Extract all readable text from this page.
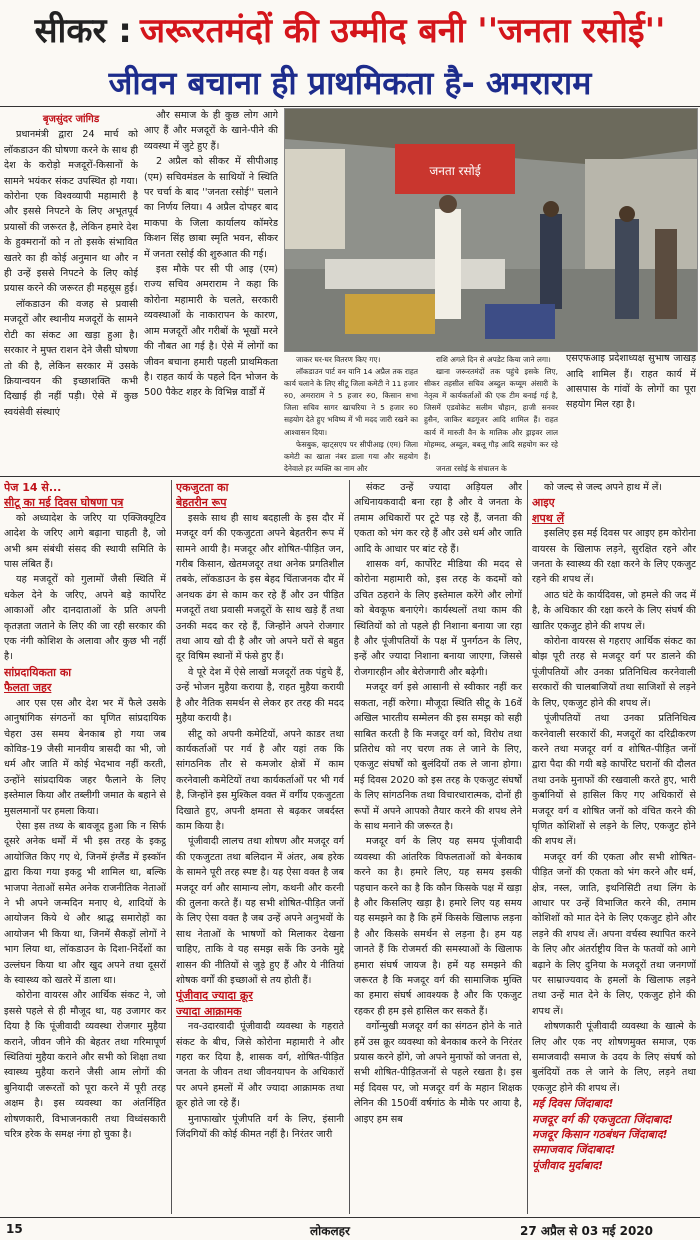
सीकर : जरूरतमंदों की उम्मीद बनी ''जनता रसोई''
जीवन बचाना ही प्राथमिकता है- अमराराम

बृजसुंदर जांगिड

प्रधानमंत्री द्वारा 24 मार्च को लॉकडाउन की घोषणा करने के साथ ही देश के करोड़ो मजदूरों-किसानों के सामने भयंकर संकट उपस्थित हो गया। कोरोना एक विश्वव्यापी महामारी है और इससे निपटने के लिए अभूतपूर्व प्रयासों की जरूरत है, लेकिन हमारे देश के हुक्मरानों को न तो इसके संभावित खतरे का ही कोई अनुमान था और न ही उन्हें इससे निपटने के लिए कोई प्रयास करने की जरूरत ही महसूस हुई।

लॉकडाउन की वजह से प्रवासी मजदूरों और स्थानीय मजदूरों के सामने रोटी का संकट आ खड़ा हुआ है। सरकार ने मुफ्त राशन देने जैसी घोषणा तो की है, लेकिन सरकार में उसके क्रियान्वयन की इच्छाशक्ति कभी दिखाई ही नहीं पड़ी। ऐसे में कुछ स्वयंसेवी संस्थाएं

और समाज के ही कुछ लोग आगे आए हैं और मजदूरों के खाने-पीने की व्यवस्था में जुटे हुए हैं।

2 अप्रैल को सीकर में सीपीआइ (एम) सचिवमंडल के साथियों ने स्थिति पर चर्चा के बाद ''जनता रसोई'' चलाने का निर्णय लिया। 4 अप्रैल दोपहर बाद माकपा के जिला कार्यालय कॉमरेड किशन सिंह छाबा स्मृति भवन, सीकर में जनता रसोई की शुरुआत की गई।

इस मौके पर सी पी आइ (एम) राज्य सचिव अमराराम ने कहा कि कोरोना महामारी के चलते, सरकारी व्यवस्थाओं के नाकारापन के कारण, आम मजदूरों और गरीबों के भूखों मरने की नौबत आ गई है। ऐसे में लोगों का जीवन बचाना हमारी पहली प्राथमिकता है। राहत कार्य के पहले दिन भोजन के 500 पैकेट शहर के विभिन्न वार्डों में

जाकर घर-घर वितरण किए गए।

लॉकडाउन पार्ट वन यानि 14 अप्रैल तक राहत कार्य चलाने के लिए सीटू जिला कमेटी ने 11 हजार रु0, अमराराम ने 5 हजार रु0, किसान सभा जिला सचिव सागर खाचरिया ने 5 हजार रु0 सहयोग देते हुए भविष्य में भी मदद जारी रखने का आश्वासन दिया।

फेसबुक, व्हाट्सएप पर सीपीआइ (एम) जिला कमेटी का खाता नंबर डाला गया और सहयोग देनेवाले हर व्यक्ति का नाम और

राशि अगले दिन से अपडेट किया जाने लगा।

खाना जरूरतमंदों तक पहुंचे इसके लिए, सीकर तहसील सचिव अब्दुल कय्यूम अंसारी के नेतृत्व में कार्यकर्ताओं की एक टीम बनाई गई है, जिसमें एडवोकेट सलीम चौहान, हाजी सनवर हुसैन, जाकिर बडगूजर आदि शामिल हैं। राहत कार्य में मारुती वैन के मालिक और ड्राइवर लाल मोहम्मद, अब्दुल, बबलू गौड़ आदि सहयोग कर रहे हैं।

जनता रसोई के संचालन के

एसएफआइ प्रदेशाध्यक्ष सुभाष जाखड़ आदि शामिल हैं। राहत कार्य में आसपास के गांवों के लोगों का पूरा सहयोग मिल रहा है।

जनता रसोई

पेज 14 से...

सीटू का मई दिवस घोषणा पत्र

को अध्यादेश के जरिए या एक्जिक्यूटिव आदेश के जरिए आगे बढ़ाना चाहती है, जो अभी श्रम संबंधी संसद की स्थायी समिति के पास लंबित हैं।

यह मजदूरों को गुलामों जैसी स्थिति में धकेल देने के जरिए, अपने बड़े कार्पोरेट आकाओं और दानदाताओं के प्रति अपनी कृतज्ञता जताने के लिए की जा रही सरकार की एक नंगी कोशिश के अलावा और कुछ भी नहीं है।

सांप्रदायिकता का

फैलता जहर

आर एस एस और देश भर में फैले उसके आनुषांगिक संगठनों का घृणित सांप्रदायिक चेहरा उस समय बेनकाब हो गया जब कोविड-19 जैसी मानवीय त्रासदी का भी, जो धर्म और जाति में कोई भेदभाव नहीं करती, उन्होंने सांप्रदायिक जहर फैलाने के लिए इस्तेमाल किया और तब्लीगी जमात के बहाने से मुसलमानों पर हमला किया।

ऐसा इस तथ्य के बावजूद हुआ कि न सिर्फ दूसरे अनेक धर्मों में भी इस तरह के इकट्ठ आयोजित किए गए थे, जिनमें इंग्लैंड में इस्कॉन द्वारा किया गया इकट्ठ भी शामिल था, बल्कि भाजपा नेताओं समेत अनेक राजनीतिक नेताओं ने भी अपने जन्मदिन मनाए थे, शादियों के आयोजन किये थे और श्राद्ध समारोहों का आयोजन भी किया था, जिनमें सैकड़ों लोगों ने भाग लिया था, लॉकडाउन के दिशा-निर्देशों का उल्लंघन किया था और खुद अपने तथा दूसरों के स्वास्थ्य को खतरे में डाला था।

कोरोना वायरस और आर्थिक संकट ने, जो इससे पहले से ही मौजूद था, यह उजागर कर दिया है कि पूंजीवादी व्यवस्था रोजगार मुहैया कराने, जीवन जीने की बेहतर तथा गरिमापूर्ण स्थितियां मुहैया कराने और सभी को शिक्षा तथा स्वास्थ्य मुहैया कराने जैसी आम लोगों की बुनियादी जरूरतों को पूरा करने में पूरी तरह अक्षम है। इस व्यवस्था का अंतर्निहित शोषणकारी, विभाजनकारी तथा विध्वंसकारी चरित्र हरेक के समक्ष नंगा हो चुका है।

एकजुटता का

बेहतरीन रूप

इसके साथ ही साथ बदहाली के इस दौर में मजदूर वर्ग की एकजुटता अपने बेहतरीन रूप में सामने आयी है। मजदूर और शोषित-पीड़ित जन, गरीब किसान, खेतमजदूर तथा अनेक प्रगतिशील तबके, लॉकडाउन के इस बेहद चिंताजनक दौर में अनथक ढंग से काम कर रहे हैं और उन पीड़ित मजदूरों तथा प्रवासी मजदूरों के साथ खड़े हैं तथा उनकी मदद कर रहे हैं, जिन्होंने अपने रोजगार तथा आय खो दी है और जो अपने घरों से बहुत दूर विषिम स्थानों में फंसे हुए हैं।

वे पूरे देश में ऐसे लाखों मजदूरों तक पंहुचे हैं, उन्हें भोजन मुहैया कराया है, राहत मुहैया करायी है और नैतिक समर्थन से लेकर हर तरह की मदद मुहैया करायी है।

सीटू को अपनी कमेटियों, अपने काडर तथा कार्यकर्ताओं पर गर्व है और यहां तक कि सांगठनिक तौर से कमजोर क्षेत्रों में काम करनेवाली कमेटियों तथा कार्यकर्ताओं पर भी गर्व है, जिन्होंने इस मुश्किल वक्त में वर्गीय एकजुटता दिखाते हुए, अपनी क्षमता से बढ़कर जबर्दस्त काम किया है।

पूंजीवादी लालच तथा शोषण और मजदूर वर्ग की एकजुटता तथा बलिदान में अंतर, अब हरेक के सामने पूरी तरह स्पष्ट है। यह ऐसा वक्त है जब मजदूर वर्ग और सामान्य लोग, कथनी और करनी की तुलना करते हैं। यह सभी शोषित-पीड़ित जनों के लिए ऐसा वक्त है जब उन्हें अपने अनुभवों के साथ नेताओं के भाषणों को मिलाकर देखना चाहिए, ताकि वे यह समझ सकें कि उनके मुद्दे शासन की नीतियों से जुड़े हुए हैं और ये नीतियां शोषक वर्गों की इच्छाओं से तय होती हैं।

पूंजीवाद ज्यादा क्रूर

ज्यादा आक्रामक

नव-उदारवादी पूंजीवादी व्यवस्था के गहराते संकट के बीच, जिसे कोरोना महामारी ने और गहरा कर दिया है, शासक वर्ग, शोषित-पीड़ित जनता के जीवन तथा जीवनयापन के अधिकारों पर अपने हमलों में और ज्यादा आक्रामक तथा क्रूर होते जा रहे हैं।

मुनाफाखोर पूंजीपति वर्ग के लिए, इंसानी जिंदगियों की कोई कीमत नहीं है। निरंतर जारी

संकट उन्हें ज्यादा अड़ियल और अधिनायकवादी बना रहा है और वे जनता के तमाम अधिकारों पर टूटे पड़ रहे हैं, जनता की एकता को भंग कर रहे हैं और उसे धर्म और जाति आदि के आधार पर बांट रहे हैं।

शासक वर्ग, कार्पोरेट मीडिया की मदद से कोरोना महामारी को, इस तरह के कदमों को उचित ठहराने के लिए इस्तेमाल करेंगे और लोगों को बेवकूफ बनाएंगे। कार्यस्थलों तथा काम की स्थितियों को तो पहले ही निशाना बनाया जा रहा है और पूंजीपतियों के पक्ष में पुनर्गठन के लिए, इन्हें और ज्यादा निशाना बनाया जाएगा, जिससे रोजगारहीन और बेरोजगारी और बढ़ेगी।

मजदूर वर्ग इसे आसानी से स्वीकार नहीं कर सकता, नहीं करेगा। मौजूदा स्थिति सीटू के 16वें अखिल भारतीय सम्मेलन की इस समझ को सही साबित करती है कि मजदूर वर्ग को, विरोध तथा प्रतिरोध को नए चरण तक ले जाने के लिए, एकजुट संघर्षों को बुलंदियों तक ले जाना होगा। मई दिवस 2020 को इस तरह के एकजुट संघर्षों के लिए सांगठनिक तथा विचारधारात्मक, दोनों ही रूपों में अपने आपको तैयार करने की शपथ लेने के साथ मनाने की जरूरत है।

मजदूर वर्ग के लिए यह समय पूंजीवादी व्यवस्था की आंतरिक विफलताओं को बेनकाब करने का है। हमारे लिए, यह समय इसकी पहचान करने का है कि कौन किसके पक्ष में खड़ा है और किसलिए खड़ा है। हमारे लिए यह समय यह समझने का है कि हमें किसके खिलाफ लड़ना है और किसके समर्थन से लड़ना है। हम यह जानते हैं कि रोजमर्रा की समस्याओं के खिलाफ हमारा संघर्ष जायज है। हमें यह समझने की जरूरत है कि मजदूर वर्ग की सामाजिक मुक्ति का हमारा संघर्ष आवश्यक है और कि एकजुट रहकर ही हम इसे हासिल कर सकते हैं।

वर्गोन्मुखी मजदूर वर्ग का संगठन होने के नाते हमें उस क्रूर व्यवस्था को बेनकाब करने के निरंतर प्रयास करने होंगे, जो अपने मुनाफों को जनता से, सभी शोषित-पीड़ितजनों से पहले रखता है। इस मई दिवस पर, जो मजदूर वर्ग के महान शिक्षक लेनिन की 150वीं वर्षगांठ के मौके पर आया है, आइए हम सब

को जल्द से जल्द अपने हाथ में लें।

आइए

शपथ लें

इसलिए इस मई दिवस पर आइए हम कोरोना वायरस के खिलाफ लड़ने, सुरक्षित रहने और जनता के स्वास्थ्य की रक्षा करने के लिए एकजुट रहने की शपथ लें।

आठ घंटे के कार्यदिवस, जो हमले की जद में है, के अधिकार की रक्षा करने के लिए संघर्ष की खातिर एकजुट होने की शपथ लें।

कोरोना वायरस से गहराए आर्थिक संकट का बोझ पूरी तरह से मजदूर वर्ग पर डालने की पूंजीपतियों और उनका प्रतिनिधित्व करनेवाली सरकारों की चालबाजियों तथा साजिशों से लड़ने के लिए, एकजुट होने की शपथ लें।

पूंजीपतियों तथा उनका प्रतिनिधित्व करनेवाली सरकारों की, मजदूरों का दरिद्रीकरण करने तथा मजदूर वर्ग व शोषित-पीड़ित जनों द्वारा पैदा की गयी बड़े कार्पोरेट घरानों की दौलत तथा उनके मुनाफों की रखवाली करते हुए, भारी कुर्बानियों से हासिल किए गए अधिकारों से मजदूर वर्ग व शोषित जनों को वंचित करने की घृणित कोशिशों से लड़ने के लिए, एकजुट होने की शपथ लें।

मजदूर वर्ग की एकता और सभी शोषित-पीड़ित जनों की एकता को भंग करने और धर्म, क्षेत्र, नस्ल, जाति, इथनिसिटी तथा लिंग के आधार पर उन्हें विभाजित करने की, तमाम कोशिशों को मात देने के लिए एकजुट होने और लड़ने की शपथ लें। अपना वर्चस्व स्थापित करने के लिए और अंतर्राष्ट्रीय वित्त के फतवों को आगे बढ़ाने के लिए दुनिया के मजदूरों तथा जनगणों पर साम्राज्यवाद के हमलों के खिलाफ लड़ने तथा उन्हें मात देने के लिए, एकजुट होने की शपथ लें।

शोषणकारी पूंजीवादी व्यवस्था के खात्मे के लिए और एक नए शोषणमुक्त समाज, एक समाजवादी समाज के उदय के लिए संघर्ष को बुलंदियों तक ले जाने के लिए, लड़ने तथा एकजुट होने की शपथ लें।

मई दिवस जिंदाबाद!

मजदूर वर्ग की एकजुटता जिंदाबाद!

मजदूर किसान गठबंधन जिंदाबाद!

समाजवाद जिंदाबाद!

पूंजीवाद मुर्दाबाद!

15	लोकलहर	27 अप्रैल से 03 मई 2020
